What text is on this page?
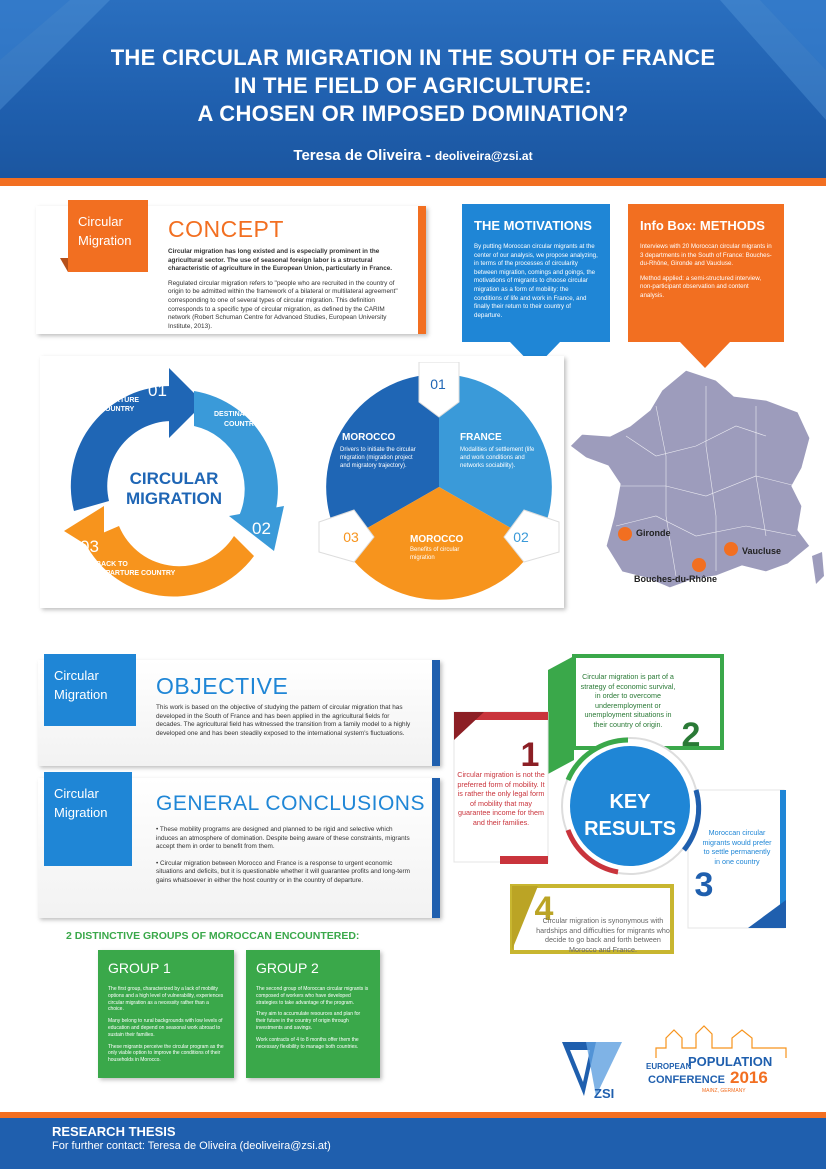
THE CIRCULAR MIGRATION IN THE SOUTH OF FRANCE
IN THE FIELD OF AGRICULTURE:
A CHOSEN OR IMPOSED DOMINATION?
Teresa de Oliveira - deoliveira@zsi.at
Circular Migration	CONCEPT
Circular migration has long existed and is especially prominent in the agricultural sector. The use of seasonal foreign labor is a structural characteristic of agriculture in the European Union, particularly in France.
Regulated circular migration refers to "people who are recruited in the country of origin to be admitted within the framework of a bilateral or multilateral agreement" corresponding to one of several types of circular migration. This definition corresponds to a specific type of circular migration, as defined by the CARIM network (Robert Schuman Centre for Advanced Studies, European University Institute, 2013).
THE MOTIVATIONS

By putting Moroccan circular migrants at the center of our analysis, we propose analyzing, in terms of the processes of circularity between migration, comings and goings, the motivations of migrants to choose circular migration as a form of mobility: the conditions of life and work in France, and finally their return to their country of departure.

Info Box: METHODS

Interviews with 20 Moroccan circular migrants in 3 departments in the South of France: Bouches-du-Rhône, Gironde and Vaucluse.

Method applied: a semi-structured interview, non-participant observation and content analysis.

CIRCULAR
MIGRATION
01
02
03
DEPARTURE
COUNTRY
DESTINATION
COUNTRY
BACK TO
DEPARTURE COUNTRY
01
03	02
MOROCCO	FRANCE
MOROCCO
Drivers to initiate the circular migration (migration project and migratory trajectory).
Modalities of settlement (life and work conditions and networks sociability).
Benefits of circular migration
Gironde
Vaucluse
Bouches-du-Rhône
Circular Migration	OBJECTIVE
This work is based on the objective of studying the pattern of circular migration that has developed in the South of France and has been applied in the agricultural fields for decades. The agricultural field has witnessed the transition from a family model to a highly developed one and has been steadily exposed to the international system's fluctuations.
Circular Migration	GENERAL CONCLUSIONS
• These mobility programs are designed and planned to be rigid and selective which induces an atmosphere of domination. Despite being aware of these constraints, migrants accept them in order to benefit from them.
• Circular migration between Morocco and France is a response to urgent economic situations and deficits, but it is questionable whether it will guarantee profits and long-term gains whatsoever in either the host country or in the country of departure.
2 DISTINCTIVE GROUPS OF MOROCCAN ENCOUNTERED:
GROUP 1

The first group, characterized by a lack of mobility options and a high level of vulnerability, experiences circular migration as a necessity rather than a choice.

Many belong to rural backgrounds with low levels of education and depend on seasonal work abroad to sustain their families.

These migrants perceive the circular program as the only viable option to improve the conditions of their households in Morocco.

GROUP 2

The second group of Moroccan circular migrants is composed of workers who have developed strategies to take advantage of the program.

They aim to accumulate resources and plan for their future in the country of origin through investments and savings.

Work contracts of 4 to 8 months offer them the necessary flexibility to manage both countries.

KEY
RESULTS
1
2
3
4
Circular migration is not the preferred form of mobility. It is rather the only legal form of mobility that may guarantee income for them and their families.
Circular migration is part of a strategy of economic survival, in order to overcome underemployment or unemployment situations in their country of origin.
Moroccan circular migrants would prefer to settle permanently in one country
Circular migration is synonymous with hardships and difficulties for migrants who decide to go back and forth between Morocco and France.
ZSI
EUROPEAN
POPULATION
CONFERENCE 2016
MAINZ, GERMANY
RESEARCH THESIS
For further contact: Teresa de Oliveira (deoliveira@zsi.at)
